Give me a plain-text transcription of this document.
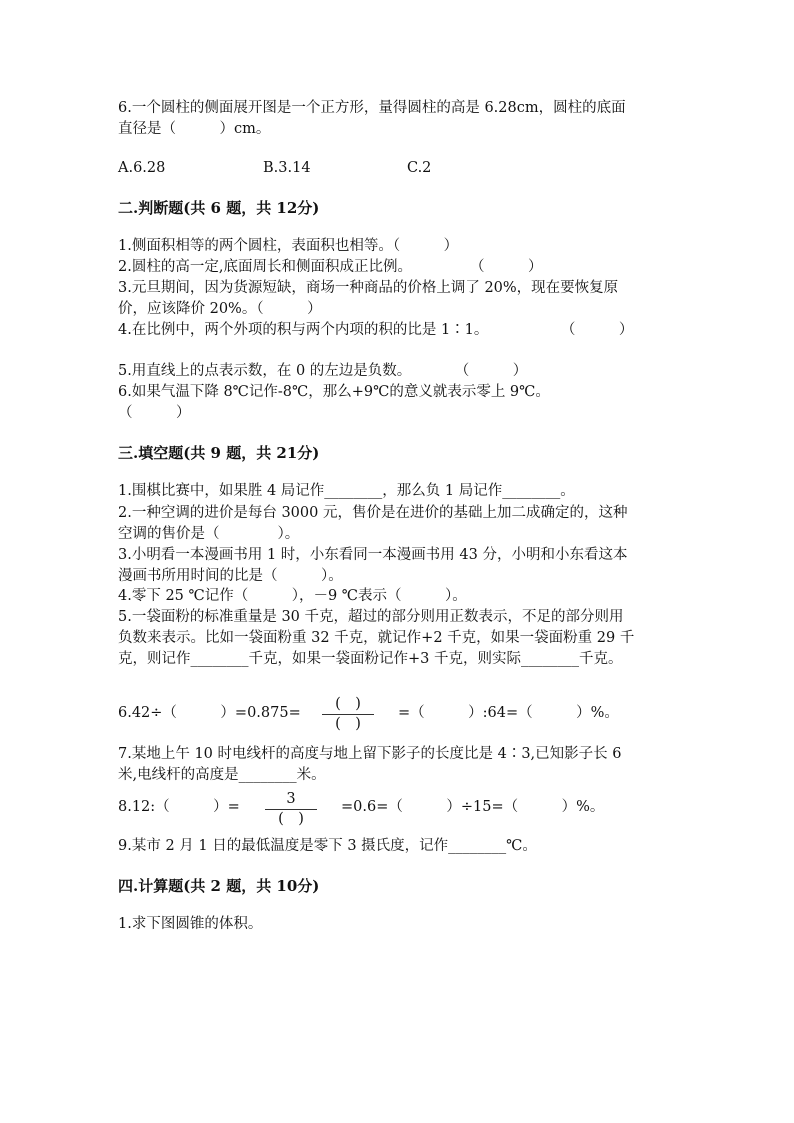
6.一个圆柱的侧面展开图是一个正方形，量得圆柱的高是 6.28cm，圆柱的底面
直径是（　　　）cm。
A.6.28	B.3.14	C.2
二.判断题(共 6 题，共 12分)
1.侧面积相等的两个圆柱，表面积也相等。（　　　）
2.圆柱的高一定,底面周长和侧面积成正比例。　　　　　（　　　）
3.元旦期间，因为货源短缺，商场一种商品的价格上调了 20%，现在要恢复原
价，应该降价 20%。（　　　）
4.在比例中，两个外项的积与两个内项的积的比是 1∶1。　　　　　　（　　　）
5.用直线上的点表示数，在 0 的左边是负数。　　　　（　　　）
6.如果气温下降 8℃记作-8℃，那么+9℃的意义就表示零上 9℃。
（　　　）
三.填空题(共 9 题，共 21分)
1.围棋比赛中，如果胜 4 局记作________，那么负 1 局记作________。
2.一种空调的进价是每台 3000 元，售价是在进价的基础上加二成确定的，这种
空调的售价是（　　　　）。
3.小明看一本漫画书用 1 时，小东看同一本漫画书用 43 分，小明和小东看这本
漫画书所用时间的比是（　　　）。
4.零下 25 ℃记作（　　　），－9 ℃表示（　　　）。
5.一袋面粉的标准重量是 30 千克，超过的部分则用正数表示，不足的部分则用
负数来表示。比如一袋面粉重 32 千克，就记作+2 千克，如果一袋面粉重 29 千
克，则记作________千克，如果一袋面粉记作+3 千克，则实际________千克。
6.42÷（　　　）=0.875=
(　)
(　)
=（　　　）:64=（　　　）%。
7.某地上午 10 时电线杆的高度与地上留下影子的长度比是 4∶3,已知影子长 6
米,电线杆的高度是________米。
8.12:（　　　）=	3
(　)
=0.6=（　　　）÷15=（　　　）%。
9.某市 2 月 1 日的最低温度是零下 3 摄氏度，记作________℃。
四.计算题(共 2 题，共 10分)
1.求下图圆锥的体积。
